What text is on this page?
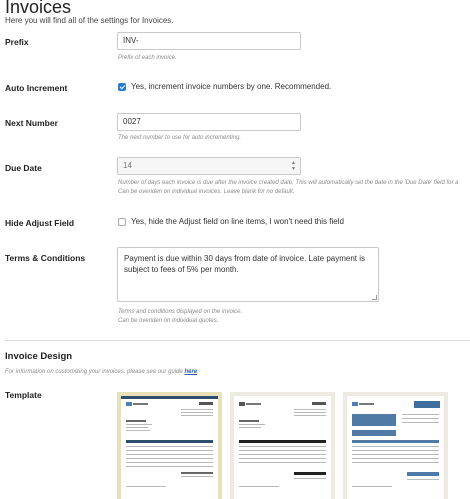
Invoices
Here you will find all of the settings for Invoices.
Prefix	INV-
Prefix of each invoice.
Auto Increment	Yes, increment invoice numbers by one. Recommended.
Next Number	0027
The next number to use for auto incrementing.
Due Date	14	▲
▼
Number of days each invoice is due after the invoice created date. This will automatically set the date in the 'Due Date' field for a
Can be overiden on individual invoices. Leave blank for no default.
Hide Adjust Field	Yes, hide the Adjust field on line items, I won't need this field
Terms & Conditions	Payment is due within 30 days from date of invoice. Late payment is
subject to fees of 5% per month.
Terms and conditions displayed on the invoice.
Can be overiden on individual quotes.
Invoice Design
For information on customizing your invoices, please see our guide here.
Template
